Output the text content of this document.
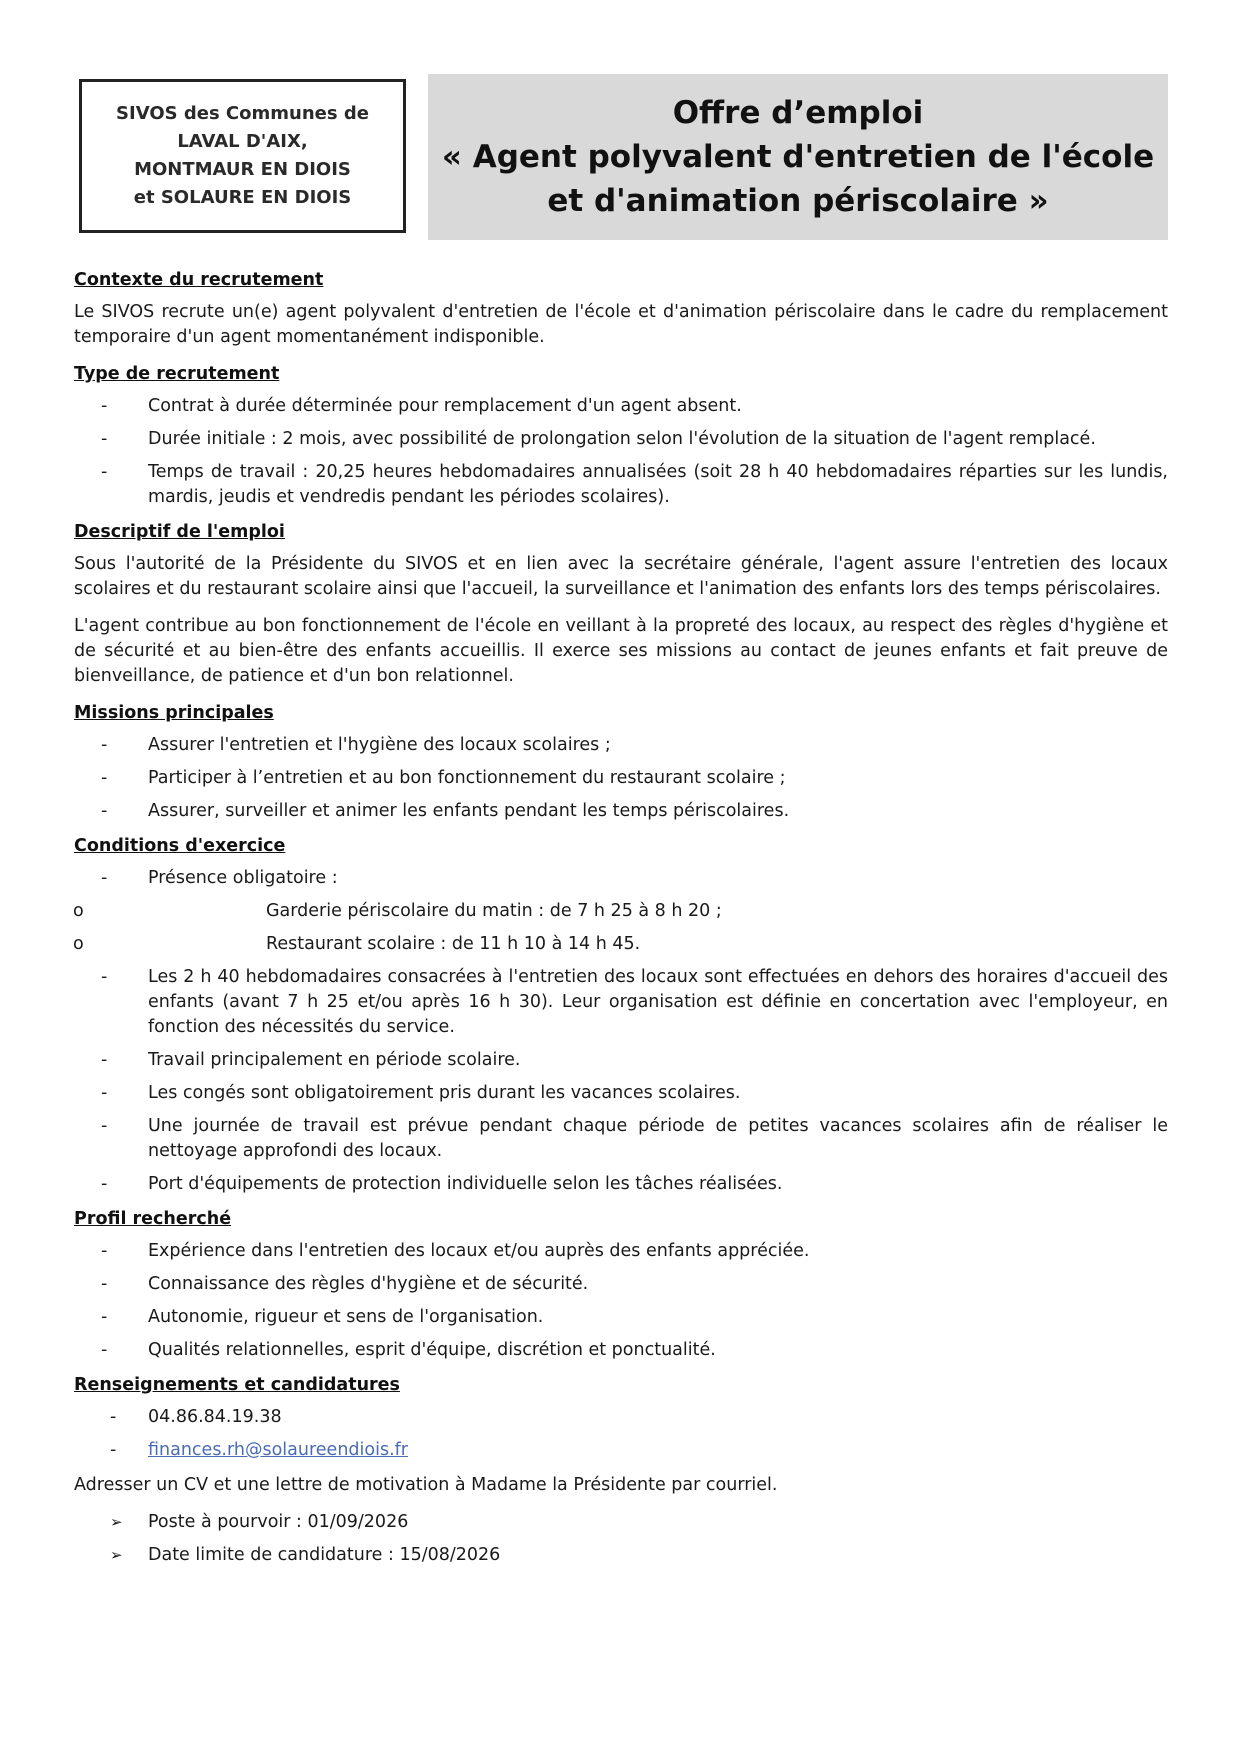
SIVOS des Communes de
LAVAL D'AIX,
MONTMAUR EN DIOIS
et SOLAURE EN DIOIS
Offre d’emploi
« Agent polyvalent d'entretien de l'école
et d'animation périscolaire »
Contexte du recrutement

Le SIVOS recrute un(e) agent polyvalent d'entretien de l'école et d'animation périscolaire dans le cadre du remplacement temporaire d'un agent momentanément indisponible.

Type de recrutement
- Contrat à durée déterminée pour remplacement d'un agent absent.
- Durée initiale : 2 mois, avec possibilité de prolongation selon l'évolution de la situation de l'agent remplacé.
- Temps de travail : 20,25 heures hebdomadaires annualisées (soit 28 h 40 hebdomadaires réparties sur les lundis, mardis, jeudis et vendredis pendant les périodes scolaires).
Descriptif de l'emploi

Sous l'autorité de la Présidente du SIVOS et en lien avec la secrétaire générale, l'agent assure l'entretien des locaux scolaires et du restaurant scolaire ainsi que l'accueil, la surveillance et l'animation des enfants lors des temps périscolaires.

L'agent contribue au bon fonctionnement de l'école en veillant à la propreté des locaux, au respect des règles d'hygiène et de sécurité et au bien-être des enfants accueillis. Il exerce ses missions au contact de jeunes enfants et fait preuve de bienveillance, de patience et d'un bon relationnel.

Missions principales
- Assurer l'entretien et l'hygiène des locaux scolaires ;
- Participer à l’entretien et au bon fonctionnement du restaurant scolaire ;
- Assurer, surveiller et animer les enfants pendant les temps périscolaires.
Conditions d'exercice
- Présence obligatoire :
o	Garderie périscolaire du matin : de 7 h 25 à 8 h 20 ;
o	Restaurant scolaire : de 11 h 10 à 14 h 45.
- Les 2 h 40 hebdomadaires consacrées à l'entretien des locaux sont effectuées en dehors des horaires d'accueil des enfants (avant 7 h 25 et/ou après 16 h 30). Leur organisation est définie en concertation avec l'employeur, en fonction des nécessités du service.
- Travail principalement en période scolaire.
- Les congés sont obligatoirement pris durant les vacances scolaires.
- Une journée de travail est prévue pendant chaque période de petites vacances scolaires afin de réaliser le nettoyage approfondi des locaux.
- Port d'équipements de protection individuelle selon les tâches réalisées.
Profil recherché
- Expérience dans l'entretien des locaux et/ou auprès des enfants appréciée.
- Connaissance des règles d'hygiène et de sécurité.
- Autonomie, rigueur et sens de l'organisation.
- Qualités relationnelles, esprit d'équipe, discrétion et ponctualité.
Renseignements et candidatures
- 04.86.84.19.38
- finances.rh@solaureendiois.fr

Adresser un CV et une lettre de motivation à Madame la Présidente par courriel.

➢ Poste à pourvoir : 01/09/2026
➢ Date limite de candidature : 15/08/2026
